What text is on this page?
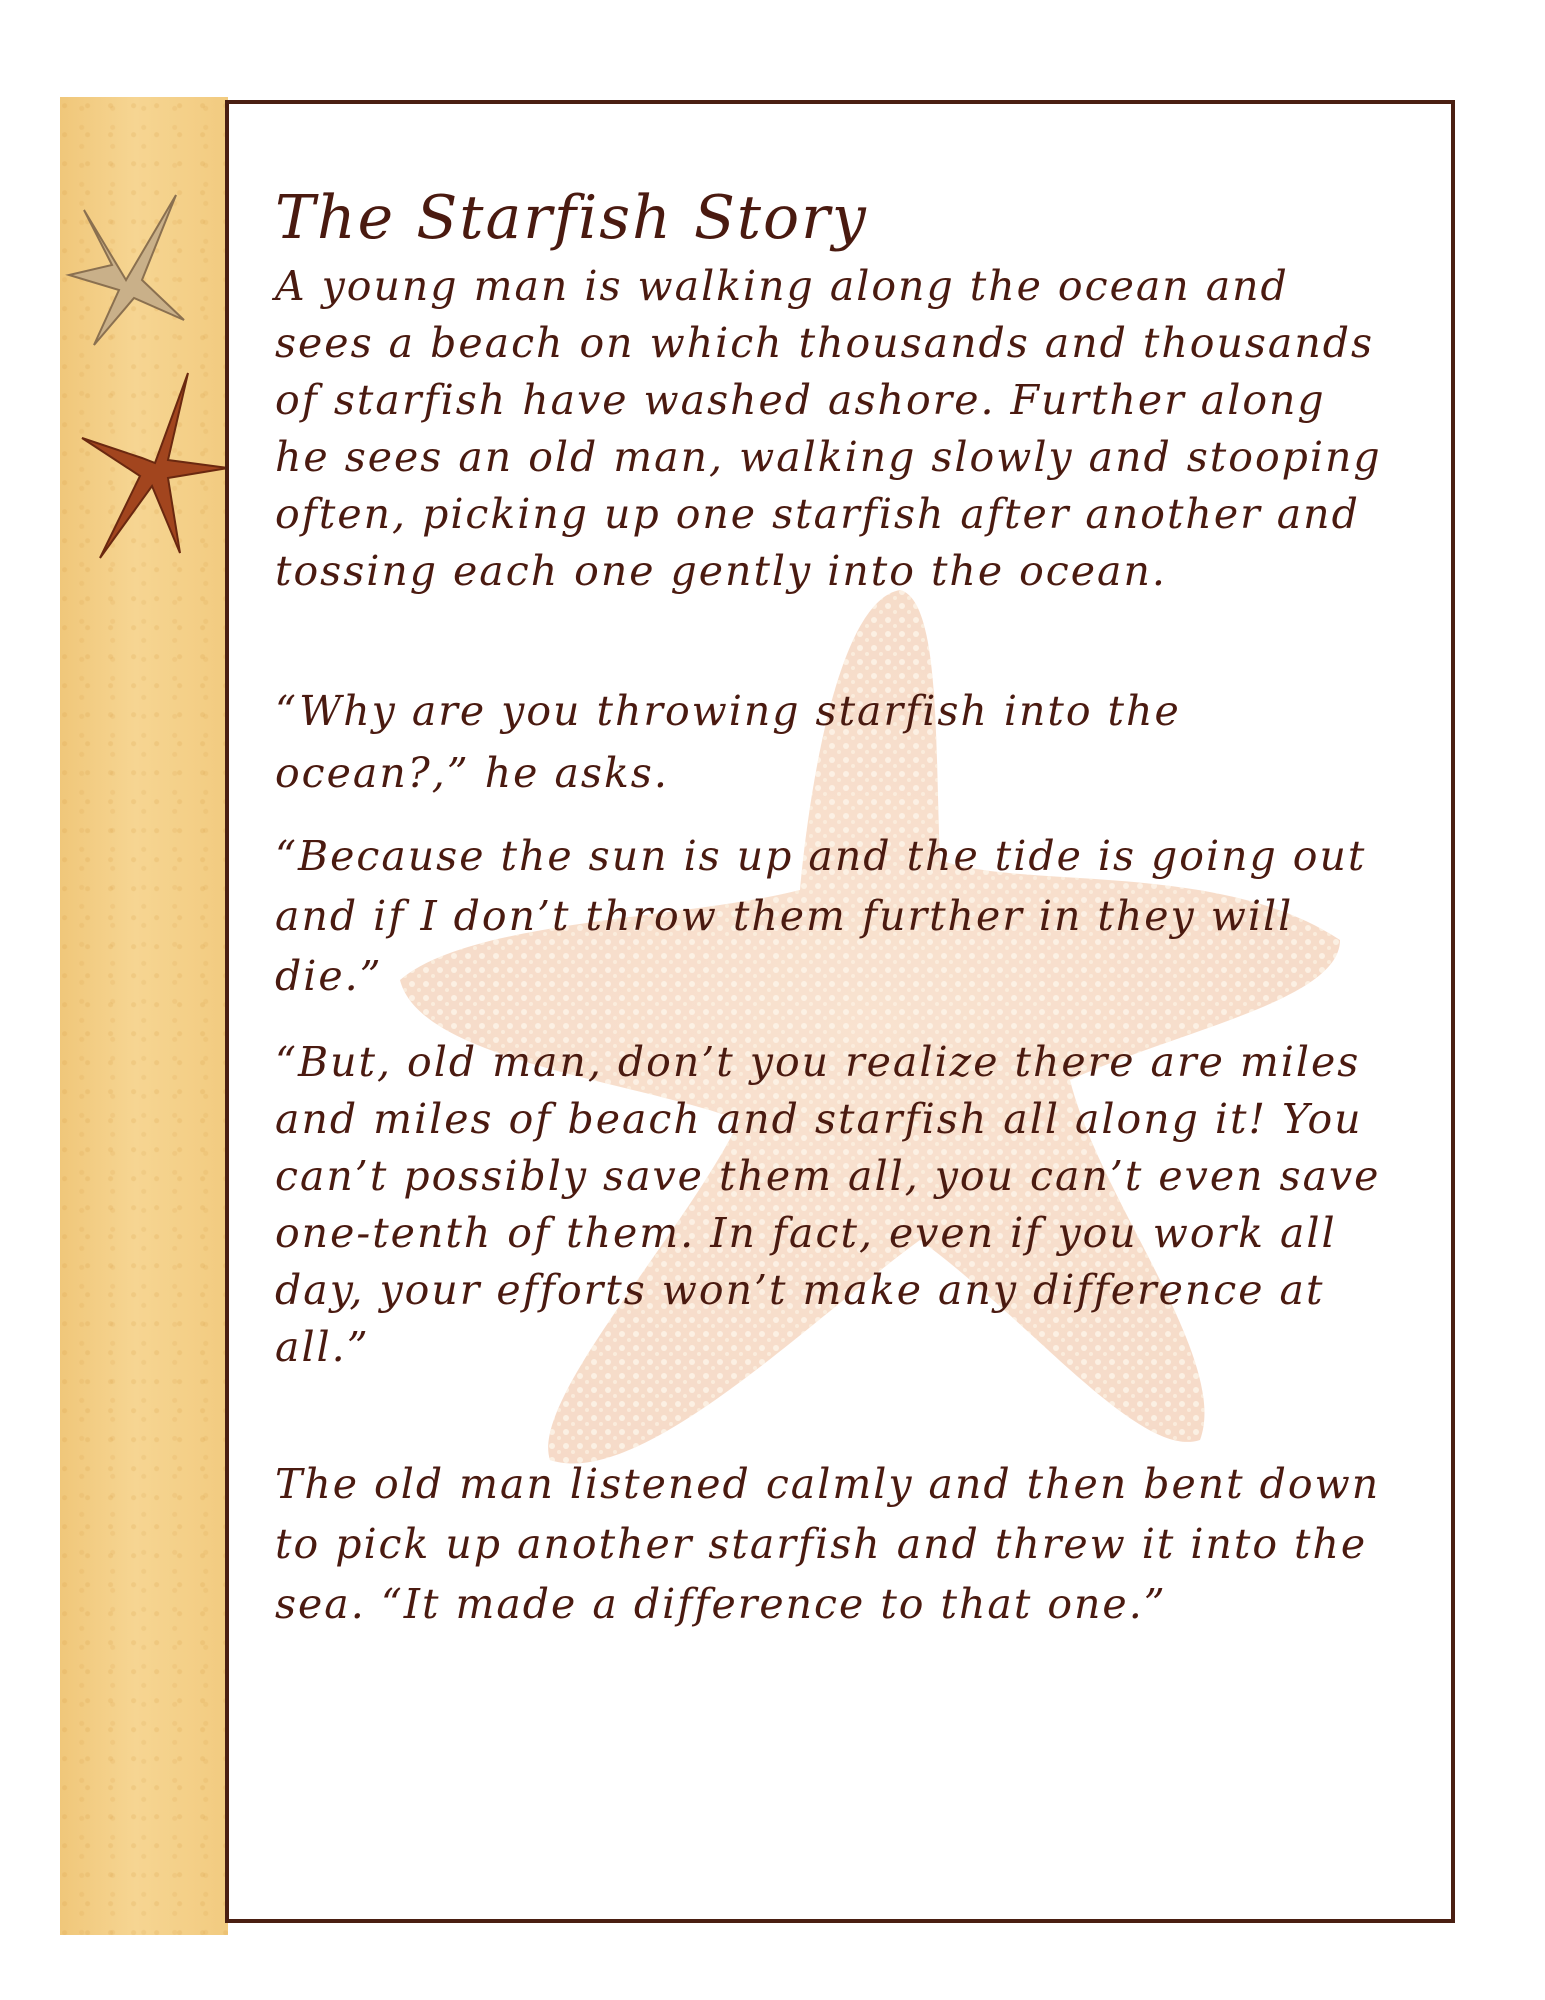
The Starfish Story

A young man is walking along the ocean and sees a beach on which thousands and thousands of starfish have washed ashore. Further along he sees an old man, walking slowly and stooping often, picking up one starfish after another and tossing each one gently into the ocean.

“Why are you throwing starfish into the ocean?,” he asks.

“Because the sun is up and the tide is going out and if I don’t throw them further in they will die.”

“But, old man, don’t you realize there are miles and miles of beach and starfish all along it! You can’t possibly save them all, you can’t even save one-tenth of them. In fact, even if you work all day, your efforts won’t make any difference at all.”

The old man listened calmly and then bent down to pick up another starfish and threw it into the sea. “It made a difference to that one.”
